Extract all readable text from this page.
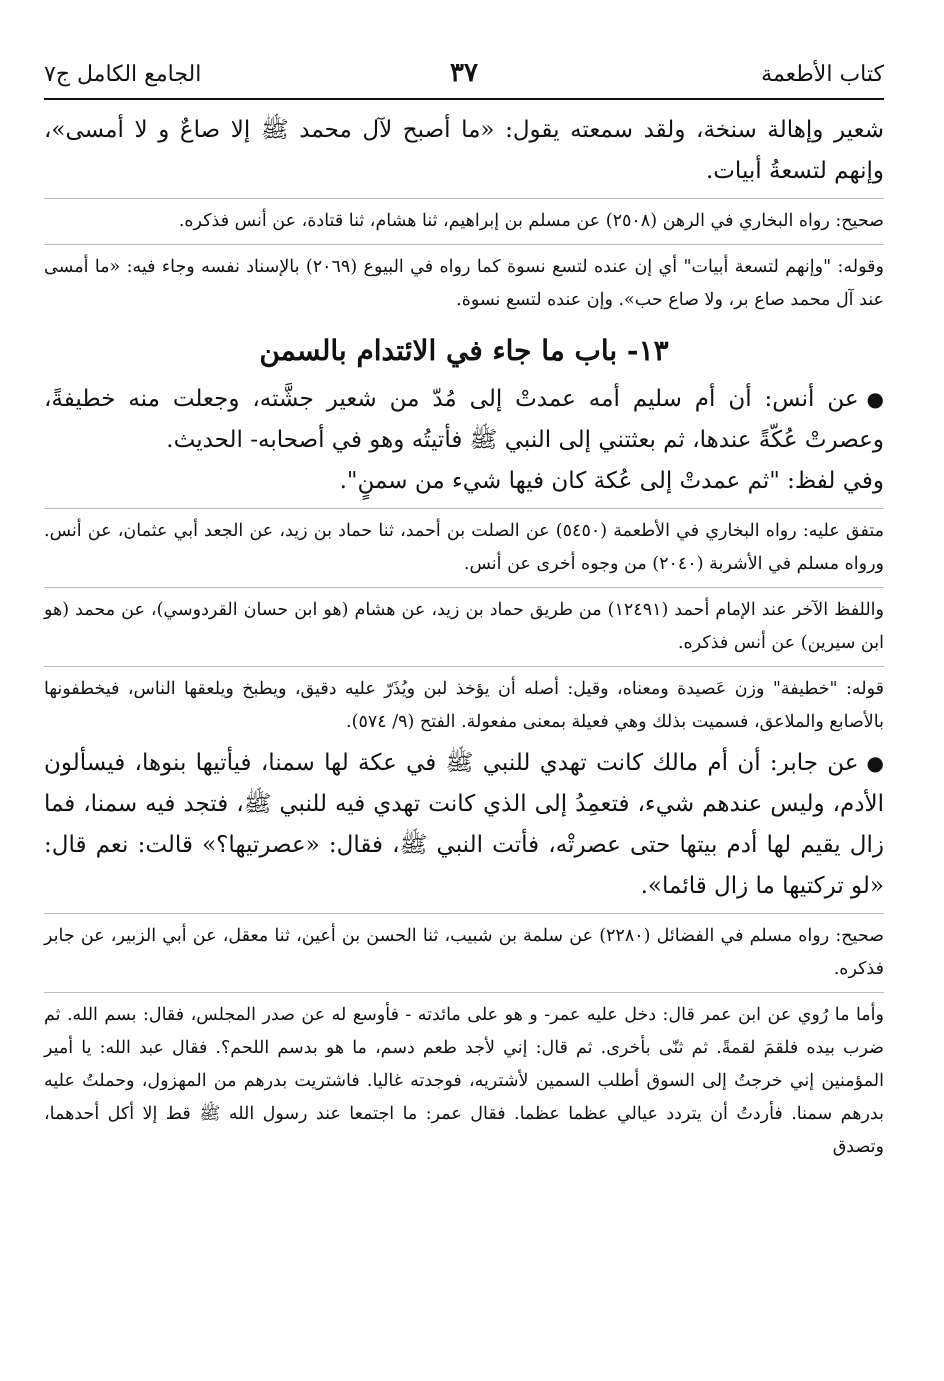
كتاب الأطعمة
٣٧
الجامع الكامل ج٧

شعير وإهالة سنخة، ولقد سمعته يقول: «ما أصبح لآل محمد ﷺ إلا صاعٌ و لا أمسى»، وإنهم لتسعةُ أبيات.

صحيح: رواه البخاري في الرهن (٢٥٠٨) عن مسلم بن إبراهيم، ثنا هشام، ثنا قتادة، عن أنس فذكره.

وقوله: "وإنهم لتسعة أبيات" أي إن عنده لتسع نسوة كما رواه في البيوع (٢٠٦٩) بالإسناد نفسه وجاء فيه: «ما أمسى عند آل محمد صاع بر، ولا صاع حب». وإن عنده لتسع نسوة.

١٣- باب ما جاء في الائتدام بالسمن

●عن أنس: أن أم سليم أمه عمدتْ إلى مُدّ من شعير جشَّته، وجعلت منه خطيفةً، وعصرتْ عُكّةً عندها، ثم بعثتني إلى النبي ﷺ فأتيتُه وهو في أصحابه- الحديث.

وفي لفظ: "ثم عمدتْ إلى عُكة كان فيها شيء من سمنٍ".

متفق عليه: رواه البخاري في الأطعمة (٥٤٥٠) عن الصلت بن أحمد، ثنا حماد بن زيد، عن الجعد أبي عثمان، عن أنس. ورواه مسلم في الأشربة (٢٠٤٠) من وجوه أخرى عن أنس.

واللفظ الآخر عند الإمام أحمد (١٢٤٩١) من طريق حماد بن زيد، عن هشام (هو ابن حسان القردوسي)، عن محمد (هو ابن سيرين) عن أنس فذكره.

قوله: "خطيفة" وزن عَصيدة ومعناه، وقيل: أصله أن يؤخذ لبن ويُذَرّ عليه دقيق، ويطبخ ويلعقها الناس، فيخطفونها بالأصابع والملاعق، فسميت بذلك وهي فعيلة بمعنى مفعولة. الفتح (٩/ ٥٧٤).

●عن جابر: أن أم مالك كانت تهدي للنبي ﷺ في عكة لها سمنا، فيأتيها بنوها، فيسألون الأدم، وليس عندهم شيء، فتعمِدُ إلى الذي كانت تهدي فيه للنبي ﷺ، فتجد فيه سمنا، فما زال يقيم لها أدم بيتها حتى عصرتْه، فأتت النبي ﷺ، فقال: «عصرتيها؟» قالت: نعم قال: «لو تركتيها ما زال قائما».

صحيح: رواه مسلم في الفضائل (٢٢٨٠) عن سلمة بن شبيب، ثنا الحسن بن أعين، ثنا معقل، عن أبي الزبير، عن جابر فذكره.

وأما ما رُوي عن ابن عمر قال: دخل عليه عمر- و هو على مائدته - فأوسع له عن صدر المجلس، فقال: بسم الله. ثم ضرب بيده فلقمَ لقمةً. ثم ثنّى بأخرى. ثم قال: إني لأجد طعم دسم، ما هو بدسم اللحم؟. فقال عبد الله: يا أمير المؤمنين إني خرجتُ إلى السوق أطلب السمين لأشتريه، فوجدته غاليا. فاشتريت بدرهم من المهزول، وحملتُ عليه بدرهم سمنا. فأردتُ أن يتردد عيالي عظما عظما. فقال عمر: ما اجتمعا عند رسول الله ﷺ قط إلا أكل أحدهما، وتصدق
